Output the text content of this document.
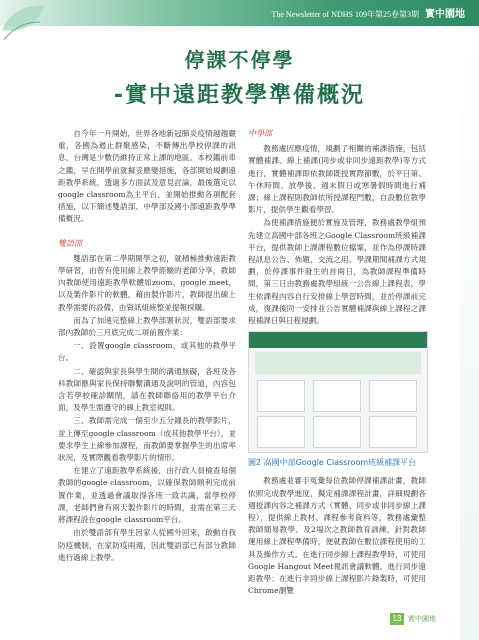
The Newsletter of NDHS 109年第25卷第3期 實中園地
停課不停學
-實中遠距教學準備概況

自今年一月開始，世界各地新冠肺炎疫情越趨嚴重，各國為遏止群聚感染，不斷傳出學校停課的訊息，台灣是少數仍維持正常上課的地區。本校鑑前車之鑑，早在開學前就擬妥應變措施，各部開始規劃遠距教學系統，透過多方面試及意見討論，最後選定以google classroom為主平台，並開始推動各項配套措施，以下簡述雙語部、中學部及國小部遠距教學準備概況。

雙語部

雙語部在第二學期開學之初，就積極推動遠距教學研習，由曾有使用線上教學經驗的老師分享，教師內教師使用遠距教學軟體如zoom、google meet，以及製作影片的軟體，藉由製作影片，教師提出線上教學需要的設備，由資訊組統整並提報採購。

而為了加速完整線上教學部署狀況，雙語部要求部內教師於三月底完成二項前置作業：

一、設置google classroom，或其他的教學平台。

二、確認與家長與學生間的溝通無礙，各班及各科教師應與家長保持聯繫溝通及說明的管道，內容包含若學校確診關閉，請在教師聯絡用的教學平台介面，及學生需遵守的線上教室規則。

三、教師需完成一個至少五分鐘長的教學影片，並上傳至google classroom（或其他教學平台），並要求學生上線參加課程，而教師要掌握學生的出席率狀況，及實際觀看教學影片的情形。

在建立了遠距教學系統後，由行政人員檢查每個教師的google classroom，以確保教師順利完成前置作業，並透過會議取得各班一致共識，當學校停課，老師們會有兩天製作影片的時間，並需在第三天將課程設在google classroom平台。

由於雙語部有學生因家人從國外回來，啟動自我防疫機制，在家防疫兩週，因此雙語部已有部分教師進行過線上教學。

中學部

教務處因應疫情，規劃了相關的補課措施，包括實體補課、線上補課(同步或非同步遠距教學)等方式進行，實體補課即依教師既授實際節數，於平日第、午休時間、放學後、週末假日或寒暑假時間進行補課；線上課程則教師依所授課程門數，自設數位教學影片，提供學生觀看學習。

為使補課措施便於實施及管理，教務處教學組預先建立高國中部各班之Google Classroom班級補課平台，提供教師上課課程數位檔案，並作為停課時課程訊息公告、佈題、交流之用。學課期間補課方式規劃，於停課事件發生的首兩日，為教師課程準備時間，第三日由教務處教學組統一公告線上課程表，學生依課程內容自行安排線上學習時間，並於停課前完成，復課後同一安排並公告實體補課與線上課程之課程補課日與日程規劃。

圖2 高國中部Google Classroom班級補課平台

教務處並審手冤彙每位教師停課補課計畫，教師依照完成教學進度，擬定補課課程計畫，詳細規劃各週授課內容之補課方式（實體、同步或非同步線上課程），提供線上教材、課程參考資料等，教務處彙整教師簡易教學、及2場次之教師教育訓練，針對教師運用線上課程準備時，便就教師在數位課程使用的工具及操作方式。在進行同步線上課程教學時，可使用Google Hangout Meet視訊會議軟體，進行同步遠距教學；在進行非同步線上課程影片錄製時，可使用Chrome瀏覽

13 實中園地
